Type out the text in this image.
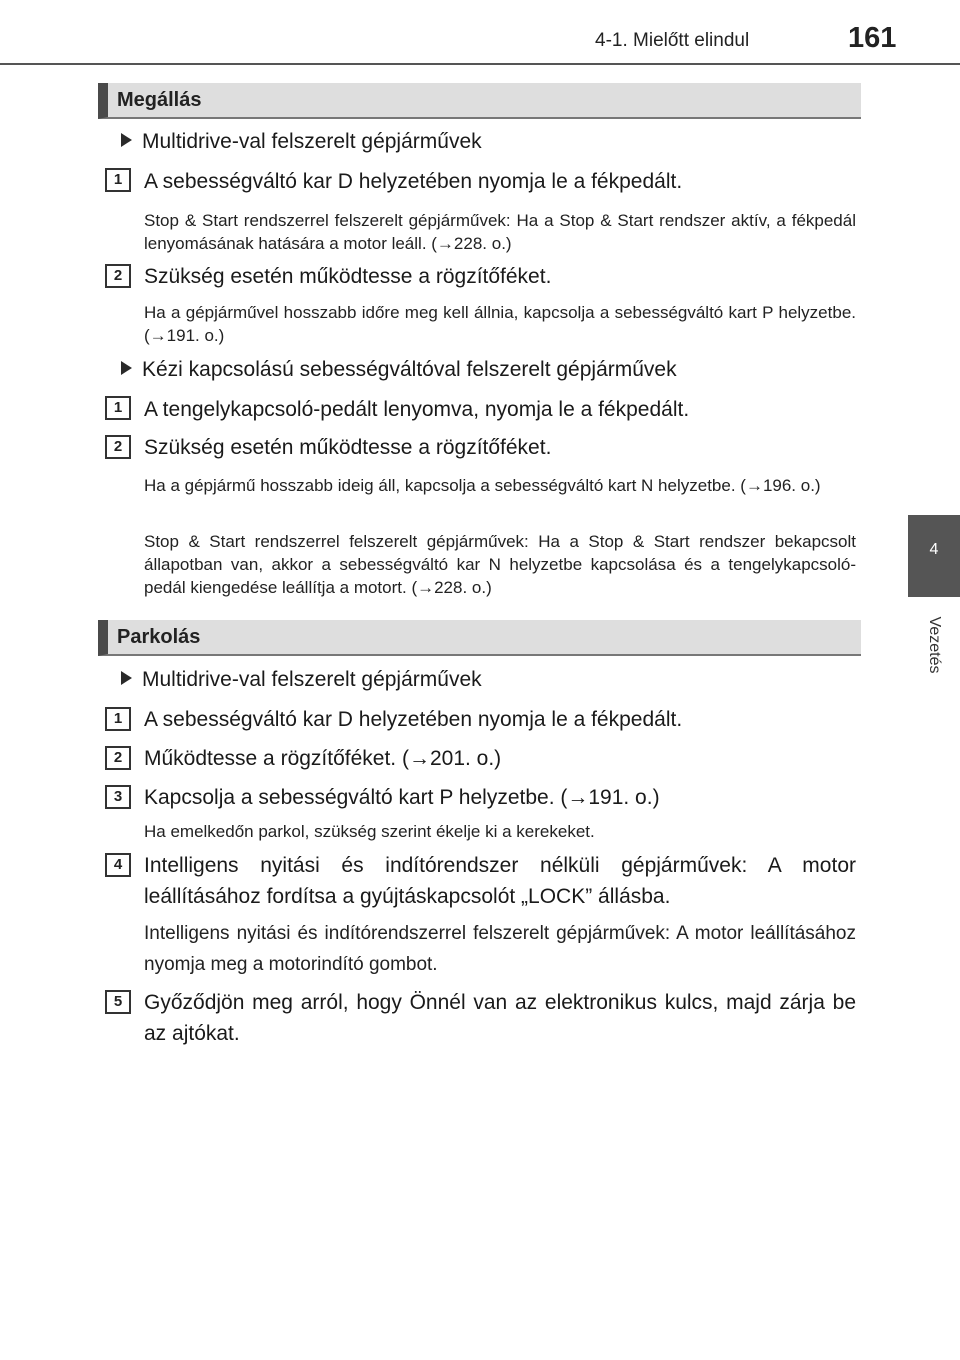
4-1. Mielőtt elindul	161
4
Vezetés
Megállás
Multidrive-val felszerelt gépjárművek
1	A sebességváltó kar D helyzetében nyomja le a fékpedált.
Stop & Start rendszerrel felszerelt gépjárművek: Ha a Stop & Start rendszer aktív, a fékpedál lenyomásának hatására a motor leáll. (→228. o.)
2	Szükség esetén működtesse a rögzítőféket.
Ha a gépjárművel hosszabb időre meg kell állnia, kapcsolja a sebességváltó kart P helyzetbe. (→191. o.)
Kézi kapcsolású sebességváltóval felszerelt gépjárművek
1	A tengelykapcsoló-pedált lenyomva, nyomja le a fékpedált.
2	Szükség esetén működtesse a rögzítőféket.
Ha a gépjármű hosszabb ideig áll, kapcsolja a sebességváltó kart N helyzetbe. (→196. o.)
Stop & Start rendszerrel felszerelt gépjárművek: Ha a Stop & Start rendszer bekapcsolt állapotban van, akkor a sebességváltó kar N helyzetbe kapcsolása és a tengelykapcsoló-pedál kiengedése leállítja a motort. (→228. o.)
Parkolás
Multidrive-val felszerelt gépjárművek
1	A sebességváltó kar D helyzetében nyomja le a fékpedált.
2	Működtesse a rögzítőféket. (→201. o.)
3	Kapcsolja a sebességváltó kart P helyzetbe. (→191. o.)
Ha emelkedőn parkol, szükség szerint ékelje ki a kerekeket.
4	Intelligens nyitási és indítórendszer nélküli gépjárművek: A motor leállításához fordítsa a gyújtáskapcsolót „LOCK” állásba.
Intelligens nyitási és indítórendszerrel felszerelt gépjárművek: A motor leállításához nyomja meg a motorindító gombot.
5	Győződjön meg arról, hogy Önnél van az elektronikus kulcs, majd zárja be az ajtókat.
